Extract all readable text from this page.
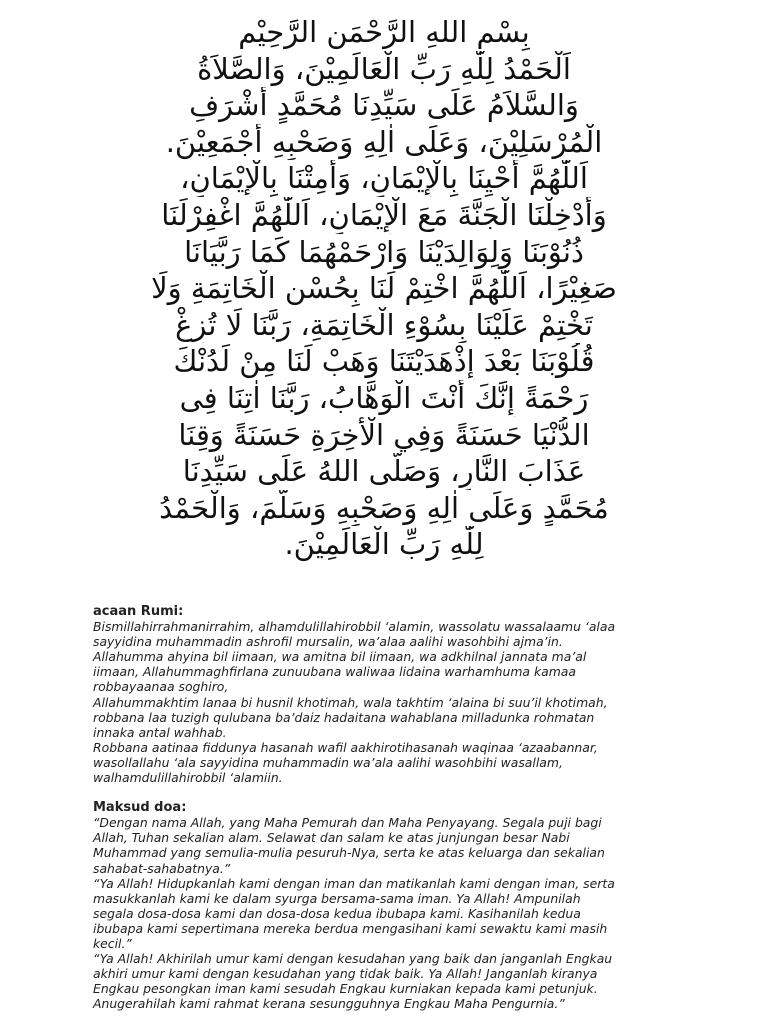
بِسْمِ اللهِ الرَّحْمَنِ الرَّحِيْمِ
اَلْحَمْدُ لِلّٰهِ رَبِّ الْعَالَمِيْنَ، وَالصَّلاَةُ
وَالسَّلاَمُ عَلَى سَيِّدِنَا مُحَمَّدٍ أَشْرَفِ
الْمُرْسَلِيْنَ، وَعَلَى اٰلِهِ وَصَحْبِهِ أَجْمَعِيْنَ.
اَللّٰهُمَّ أَحْيِنَا بِالْإِيْمَانِ، وَأَمِتْنَا بِالْإِيْمَانِ،
وَأَدْخِلْنَا الْجَنَّةَ مَعَ الْإِيْمَانِ، اَللّٰهُمَّ اغْفِرْلَنَا
ذُنُوْبَنَا وَلِوَالِدَيْنَا وَارْحَمْهُمَا كَمَا رَبَّيَانَا
صَغِيْرًا، اَللّٰهُمَّ اخْتِمْ لَنَا بِحُسْنِ الْخَاتِمَةِ وَلَا
تَخْتِمْ عَلَيْنَا بِسُوْءِ الْخَاتِمَةِ، رَبَّنَا لَا تُزِغْ
قُلُوْبَنَا بَعْدَ إِذْهَدَيْتَنَا وَهَبْ لَنَا مِنْ لَدُنْكَ
رَحْمَةً إِنَّكَ أَنْتَ الْوَهَّابُ، رَبَّنَا اٰتِنَا فِى
الدُّنْيَا حَسَنَةً وَفِي الْأٰخِرَةِ حَسَنَةً وَقِنَا
عَذَابَ النَّارِ، وَصَلَّى اللهُ عَلَى سَيِّدِنَا
مُحَمَّدٍ وَعَلَى اٰلِهِ وَصَحْبِهِ وَسَلَّمَ، وَالْحَمْدُ
لِلّٰهِ رَبِّ الْعَالَمِيْنَ.

acaan Rumi:

Bismillahirrahmanirrahim, alhamdulillahirobbil ‘alamin, wassolatu wassalaamu ‘alaa
sayyidina muhammadin ashrofil mursalin, wa’alaa aalihi wasohbihi ajma’in.

Allahumma ahyina bil iimaan, wa amitna bil iimaan, wa adkhilnal jannata ma’al
iimaan, Allahummaghfirlana zunuubana waliwaa lidaina warhamhuma kamaa
robbayaanaa soghiro,

Allahummakhtim lanaa bi husnil khotimah, wala takhtim ‘alaina bi suu’il khotimah,
robbana laa tuzigh qulubana ba’daiz hadaitana wahablana milladunka rohmatan
innaka antal wahhab.

Robbana aatinaa fiddunya hasanah wafil aakhirotihasanah waqinaa ‘azaabannar,
wasollallahu ‘ala sayyidina muhammadin wa’ala aalihi wasohbihi wasallam,
walhamdulillahirobbil ‘alamiin.

Maksud doa:

“Dengan nama Allah, yang Maha Pemurah dan Maha Penyayang. Segala puji bagi
Allah, Tuhan sekalian alam. Selawat dan salam ke atas junjungan besar Nabi
Muhammad yang semulia-mulia pesuruh-Nya, serta ke atas keluarga dan sekalian
sahabat-sahabatnya.”

“Ya Allah! Hidupkanlah kami dengan iman dan matikanlah kami dengan iman, serta
masukkanlah kami ke dalam syurga bersama-sama iman. Ya Allah! Ampunilah
segala dosa-dosa kami dan dosa-dosa kedua ibubapa kami. Kasihanilah kedua
ibubapa kami sepertimana mereka berdua mengasihani kami sewaktu kami masih
kecil.”

“Ya Allah! Akhirilah umur kami dengan kesudahan yang baik dan janganlah Engkau
akhiri umur kami dengan kesudahan yang tidak baik. Ya Allah! Janganlah kiranya
Engkau pesongkan iman kami sesudah Engkau kurniakan kepada kami petunjuk.
Anugerahilah kami rahmat kerana sesungguhnya Engkau Maha Pengurnia.”
